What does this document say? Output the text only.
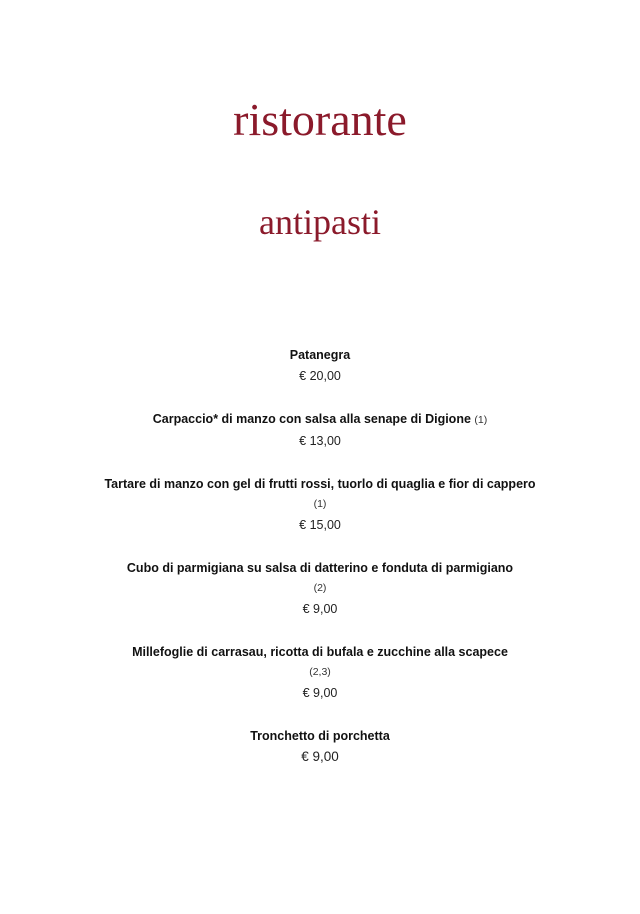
ristorante
antipasti
Patanegra
€ 20,00
Carpaccio* di manzo con salsa alla senape di Digione (1)
€ 13,00
Tartare di manzo con gel di frutti rossi, tuorlo di quaglia e fior di cappero (1)
€ 15,00
Cubo di parmigiana su salsa di datterino e fonduta di parmigiano (2)
€ 9,00
Millefoglie di carrasau, ricotta di bufala e zucchine alla scapece (2,3)
€ 9,00
Tronchetto di porchetta
€ 9,00
